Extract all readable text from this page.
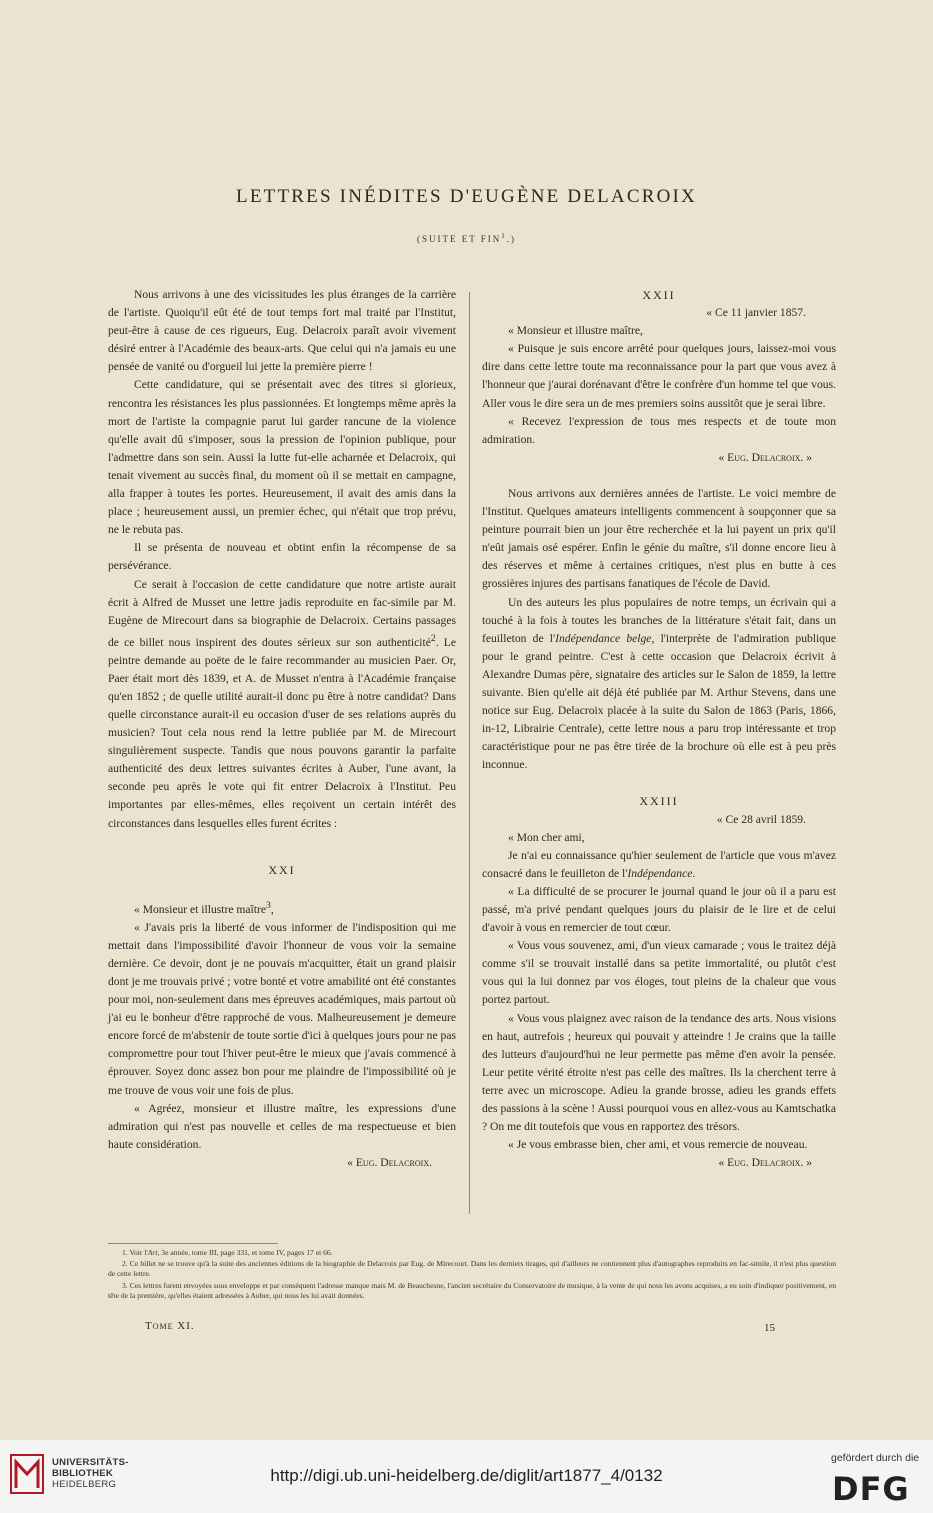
LETTRES INÉDITES D'EUGÈNE DELACROIX
(SUITE ET FIN$^1$.)

Nous arrivons à une des vicissitudes les plus étranges de la carrière de l'artiste. Quoiqu'il eût été de tout temps fort mal traité par l'Institut, peut-être à cause de ces rigueurs, Eug. Delacroix paraît avoir vivement désiré entrer à l'Académie des beaux-arts. Que celui qui n'a jamais eu une pensée de vanité ou d'orgueil lui jette la première pierre !

Cette candidature, qui se présentait avec des titres si glorieux, rencontra les résistances les plus passionnées. Et longtemps même après la mort de l'artiste la compagnie parut lui garder rancune de la violence qu'elle avait dû s'imposer, sous la pression de l'opinion publique, pour l'admettre dans son sein. Aussi la lutte fut-elle acharnée et Delacroix, qui tenait vivement au succès final, du moment où il se mettait en campagne, alla frapper à toutes les portes. Heureusement, il avait des amis dans la place ; heureusement aussi, un premier échec, qui n'était que trop prévu, ne le rebuta pas.

Il se présenta de nouveau et obtint enfin la récompense de sa persévérance.

Ce serait à l'occasion de cette candidature que notre artiste aurait écrit à Alfred de Musset une lettre jadis reproduite en fac-simile par M. Eugène de Mirecourt dans sa biographie de Delacroix. Certains passages de ce billet nous inspirent des doutes sérieux sur son authenticité$^2$. Le peintre demande au poëte de le faire recommander au musicien Paer. Or, Paer était mort dès 1839, et A. de Musset n'entra à l'Académie française qu'en 1852 ; de quelle utilité aurait-il donc pu être à notre candidat? Dans quelle circonstance aurait-il eu occasion d'user de ses relations auprès du musicien? Tout cela nous rend la lettre publiée par M. de Mirecourt singulièrement suspecte. Tandis que nous pouvons garantir la parfaite authenticité des deux lettres suivantes écrites à Auber, l'une avant, la seconde peu après le vote qui fit entrer Delacroix à l'Institut. Peu importantes par elles-mêmes, elles reçoivent un certain intérêt des circonstances dans lesquelles elles furent écrites :

XXI

« Monsieur et illustre maître$^3$,

« J'avais pris la liberté de vous informer de l'indisposition qui me mettait dans l'impossibilité d'avoir l'honneur de vous voir la semaine dernière. Ce devoir, dont je ne pouvais m'acquitter, était un grand plaisir dont je me trouvais privé ; votre bonté et votre amabilité ont été constantes pour moi, non-seulement dans mes épreuves académiques, mais partout où j'ai eu le bonheur d'être rapproché de vous. Malheureusement je demeure encore forcé de m'abstenir de toute sortie d'ici à quelques jours pour ne pas compromettre pour tout l'hiver peut-être le mieux que j'avais commencé à éprouver. Soyez donc assez bon pour me plaindre de l'impossibilité où je me trouve de vous voir une fois de plus.

« Agréez, monsieur et illustre maître, les expressions d'une admiration qui n'est pas nouvelle et celles de ma respectueuse et bien haute considération.

« Eug. Delacroix.

XXII

« Ce 11 janvier 1857.

« Monsieur et illustre maître,

« Puisque je suis encore arrêté pour quelques jours, laissez-moi vous dire dans cette lettre toute ma reconnaissance pour la part que vous avez à l'honneur que j'aurai dorénavant d'être le confrère d'un homme tel que vous. Aller vous le dire sera un de mes premiers soins aussitôt que je serai libre.

« Recevez l'expression de tous mes respects et de toute mon admiration.

« Eug. Delacroix. »

Nous arrivons aux dernières années de l'artiste. Le voici membre de l'Institut. Quelques amateurs intelligents commencent à soupçonner que sa peinture pourrait bien un jour être recherchée et la lui payent un prix qu'il n'eût jamais osé espérer. Enfin le génie du maître, s'il donne encore lieu à des réserves et même à certaines critiques, n'est plus en butte à ces grossières injures des partisans fanatiques de l'école de David.

Un des auteurs les plus populaires de notre temps, un écrivain qui a touché à la fois à toutes les branches de la littérature s'était fait, dans un feuilleton de l'Indépendance belge, l'interprète de l'admiration publique pour le grand peintre. C'est à cette occasion que Delacroix écrivit à Alexandre Dumas père, signataire des articles sur le Salon de 1859, la lettre suivante. Bien qu'elle ait déjà été publiée par M. Arthur Stevens, dans une notice sur Eug. Delacroix placée à la suite du Salon de 1863 (Paris, 1866, in-12, Librairie Centrale), cette lettre nous a paru trop intéressante et trop caractéristique pour ne pas être tirée de la brochure où elle est à peu près inconnue.

XXIII

« Ce 28 avril 1859.

« Mon cher ami,

Je n'ai eu connaissance qu'hier seulement de l'article que vous m'avez consacré dans le feuilleton de l'Indépendance.

« La difficulté de se procurer le journal quand le jour où il a paru est passé, m'a privé pendant quelques jours du plaisir de le lire et de celui d'avoir à vous en remercier de tout cœur.

« Vous vous souvenez, ami, d'un vieux camarade ; vous le traitez déjà comme s'il se trouvait installé dans sa petite immortalité, ou plutôt c'est vous qui la lui donnez par vos éloges, tout pleins de la chaleur que vous portez partout.

« Vous vous plaignez avec raison de la tendance des arts. Nous visions en haut, autrefois ; heureux qui pouvait y atteindre ! Je crains que la taille des lutteurs d'aujourd'hui ne leur permette pas même d'en avoir la pensée. Leur petite vérité étroite n'est pas celle des maîtres. Ils la cherchent terre à terre avec un microscope. Adieu la grande brosse, adieu les grands effets des passions à la scène ! Aussi pourquoi vous en allez-vous au Kamtschatka ? On me dit toutefois que vous en rapportez des trésors.

« Je vous embrasse bien, cher ami, et vous remercie de nouveau.

« Eug. Delacroix. »

1. Voir l'Art, 3e année, tome III, page 331, et tome IV, pages 17 et 66.

2. Ce billet ne se trouve qu'à la suite des anciennes éditions de la biographie de Delacroix par Eug. de Mirecourt. Dans les derniers tirages, qui d'ailleurs ne contiennent plus d'autographes reproduits en fac-simile, il n'est plus question de cette lettre.

3. Ces lettres furent envoyées sous enveloppe et par conséquent l'adresse manque mais M. de Beauchesne, l'ancien secrétaire du Conservatoire de musique, à la vente de qui nous les avons acquises, a eu soin d'indiquer positivement, en tête de la première, qu'elles étaient adressées à Auber, qui nous les lui avait données.

Tome XI.	15
UNIVERSITÄTS-
BIBLIOTHEK
HEIDELBERG	http://digi.ub.uni-heidelberg.de/diglit/art1877_4/0132
gefördert durch die
DFG
